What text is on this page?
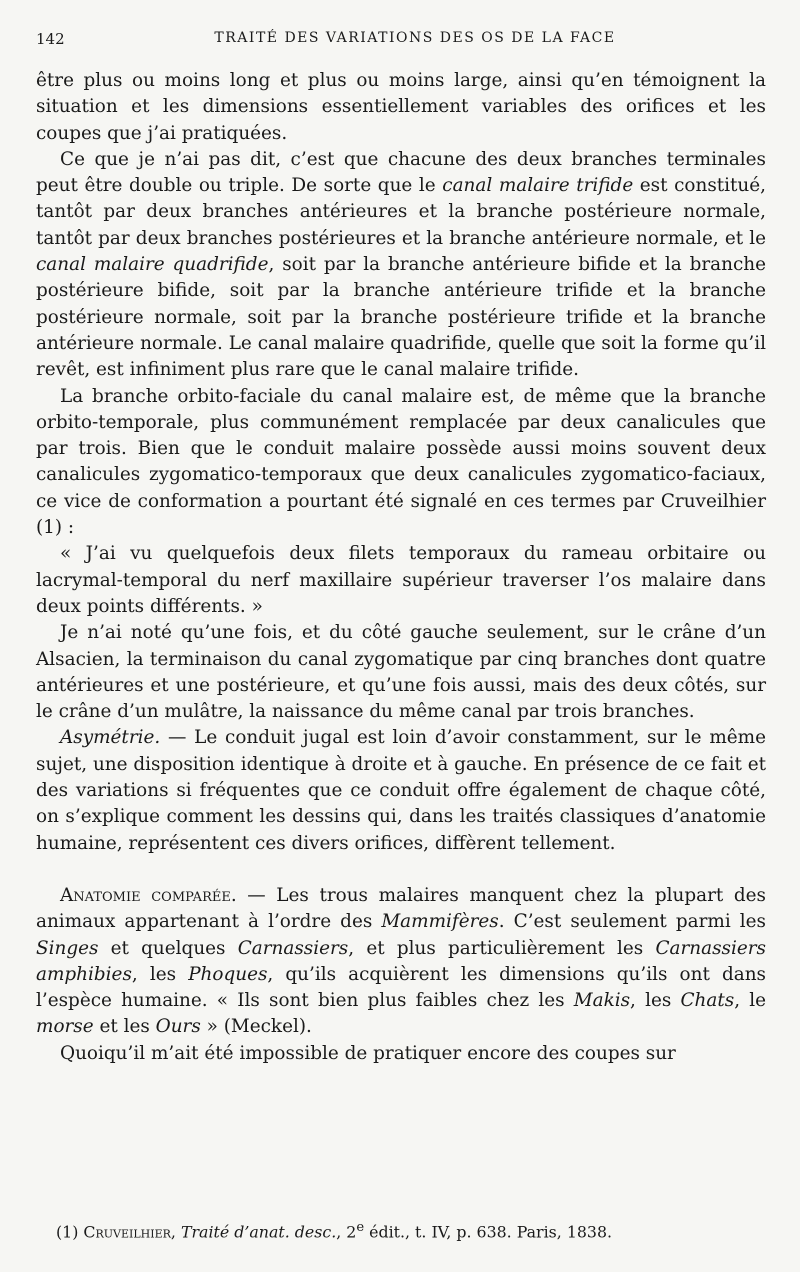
142	TRAITÉ DES VARIATIONS DES OS DE LA FACE

être plus ou moins long et plus ou moins large, ainsi qu’en témoignent la situation et les dimensions essentiellement variables des orifices et les coupes que j’ai pratiquées.

Ce que je n’ai pas dit, c’est que chacune des deux branches terminales peut être double ou triple. De sorte que le canal malaire trifide est constitué, tantôt par deux branches antérieures et la branche postérieure normale, tantôt par deux branches postérieures et la branche antérieure normale, et le canal malaire quadrifide, soit par la branche antérieure bifide et la branche postérieure bifide, soit par la branche antérieure trifide et la branche postérieure normale, soit par la branche postérieure trifide et la branche antérieure normale. Le canal malaire quadrifide, quelle que soit la forme qu’il revêt, est infiniment plus rare que le canal malaire trifide.

La branche orbito-faciale du canal malaire est, de même que la branche orbito-temporale, plus communément remplacée par deux canalicules que par trois. Bien que le conduit malaire possède aussi moins souvent deux canalicules zygomatico-temporaux que deux canalicules zygomatico-faciaux, ce vice de conformation a pourtant été signalé en ces termes par Cruveilhier (1) :

« J’ai vu quelquefois deux filets temporaux du rameau orbitaire ou lacrymal-temporal du nerf maxillaire supérieur traverser l’os malaire dans deux points différents. »

Je n’ai noté qu’une fois, et du côté gauche seulement, sur le crâne d’un Alsacien, la terminaison du canal zygomatique par cinq branches dont quatre antérieures et une postérieure, et qu’une fois aussi, mais des deux côtés, sur le crâne d’un mulâtre, la naissance du même canal par trois branches.

Asymétrie. — Le conduit jugal est loin d’avoir constamment, sur le même sujet, une disposition identique à droite et à gauche. En présence de ce fait et des variations si fréquentes que ce conduit offre également de chaque côté, on s’explique comment les dessins qui, dans les traités classiques d’anatomie humaine, représentent ces divers orifices, diffèrent tellement.

Anatomie comparée. — Les trous malaires manquent chez la plupart des animaux appartenant à l’ordre des Mammifères. C’est seulement parmi les Singes et quelques Carnassiers, et plus particulièrement les Carnassiers amphibies, les Phoques, qu’ils acquièrent les dimensions qu’ils ont dans l’espèce humaine. « Ils sont bien plus faibles chez les Makis, les Chats, le morse et les Ours » (Meckel).

Quoiqu’il m’ait été impossible de pratiquer encore des coupes sur

(1) Cruveilhier, Traité d’anat. desc., 2e édit., t. IV, p. 638. Paris, 1838.
